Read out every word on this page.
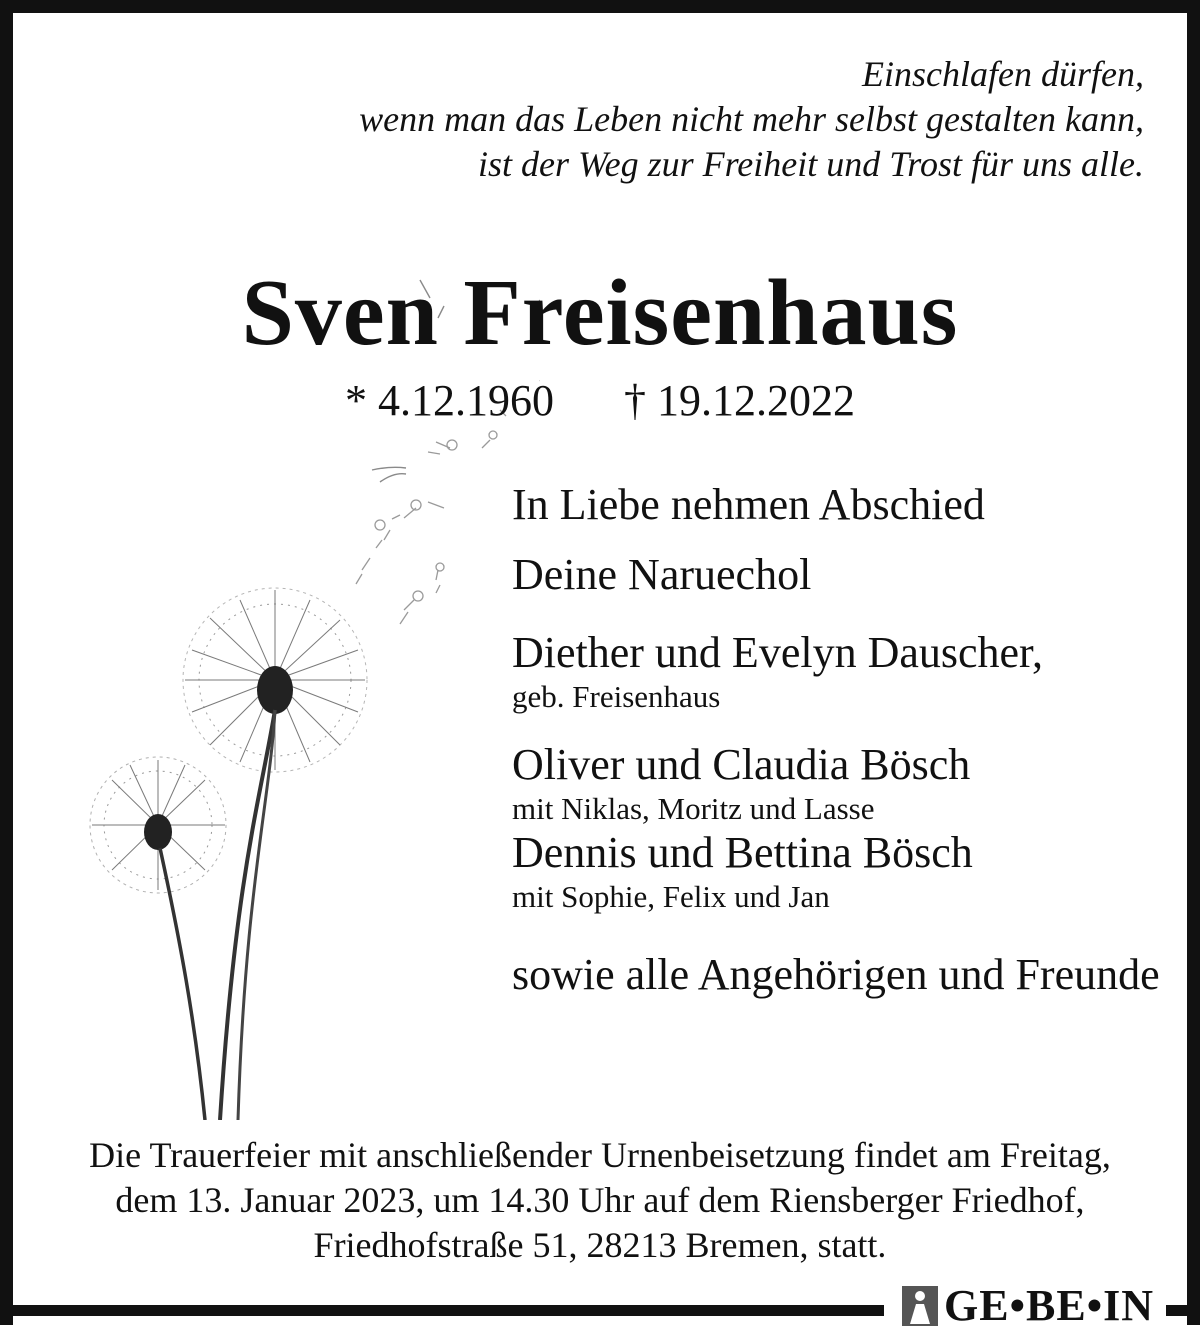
Einschlafen dürfen,
wenn man das Leben nicht mehr selbst gestalten kann,
ist der Weg zur Freiheit und Trost für uns alle.
Sven Freisenhaus
* 4.12.1960 † 19.12.2022
In Liebe nehmen Abschied
Deine Naruechol
Diether und Evelyn Dauscher,
geb. Freisenhaus
Oliver und Claudia Bösch
mit Niklas, Moritz und Lasse
Dennis und Bettina Bösch
mit Sophie, Felix und Jan
sowie alle Angehörigen und Freunde
Die Trauerfeier mit anschließender Urnenbeisetzung findet am Freitag,
dem 13. Januar 2023, um 14.30 Uhr auf dem Riensberger Friedhof,
Friedhofstraße 51, 28213 Bremen, statt.
GE•BE•IN
